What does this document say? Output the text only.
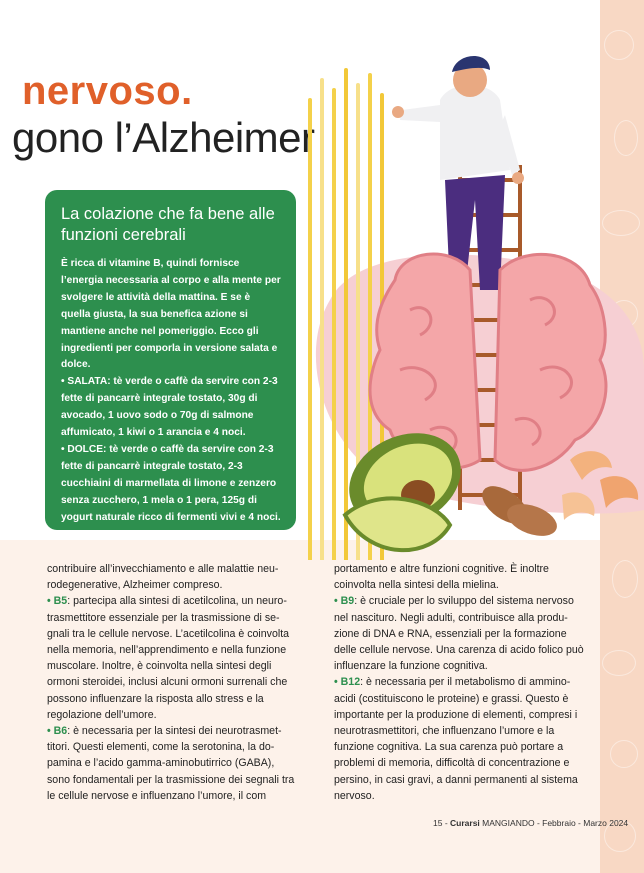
nervoso.
gono l’Alzheimer
La colazione che fa bene alle funzioni cerebrali

È ricca di vitamine B, quindi fornisce l’energia necessaria al corpo e alla mente per svolgere le attività della mattina. E se è quella giusta, la sua benefica azione si mantiene anche nel pomeriggio. Ecco gli ingredienti per comporla in versione salata e dolce.

• SALATA: tè verde o caffè da servire con 2-3 fette di pancarrè integrale tostato, 30g di avocado, 1 uovo sodo o 70g di salmone affumicato, 1 kiwi o 1 arancia e 4 noci.

• DOLCE: tè verde o caffè da servire con 2-3 fette di pancarrè integrale tostato, 2-3 cucchiaini di marmellata di limone e zenzero senza zucchero, 1 mela o 1 pera, 125g di yogurt naturale ricco di fermenti vivi e 4 noci.

contribuire all’invecchiamento e alle malattie neurodegenerative, Alzheimer compreso.

• B5: partecipa alla sintesi di acetilcolina, un neurotrasmettitore essenziale per la trasmissione di segnali tra le cellule nervose. L’acetilcolina è coinvolta nella memoria, nell’apprendimento e nella funzione muscolare. Inoltre, è coinvolta nella sintesi degli ormoni steroidei, inclusi alcuni ormoni surrenali che possono influenzare la risposta allo stress e la regolazione dell’umore.

• B6: è necessaria per la sintesi dei neurotrasmettitori. Questi elementi, come la serotonina, la dopamina e l’acido gamma-aminobutirrico (GABA), sono fondamentali per la trasmissione dei segnali tra le cellule nervose e influenzano l’umore, il com

portamento e altre funzioni cognitive. È inoltre coinvolta nella sintesi della mielina.

• B9: è cruciale per lo sviluppo del sistema nervoso nel nascituro. Negli adulti, contribuisce alla produzione di DNA e RNA, essenziali per la formazione delle cellule nervose. Una carenza di acido folico può influenzare la funzione cognitiva.

• B12: è necessaria per il metabolismo di amminoacidi (costituiscono le proteine) e grassi. Questo è importante per la produzione di elementi, compresi i neurotrasmettitori, che influenzano l’umore e la funzione cognitiva. La sua carenza può portare a problemi di memoria, difficoltà di concentrazione e persino, in casi gravi, a danni permanenti al sistema nervoso.

15 - Curarsi MANGIANDO - Febbraio - Marzo 2024
